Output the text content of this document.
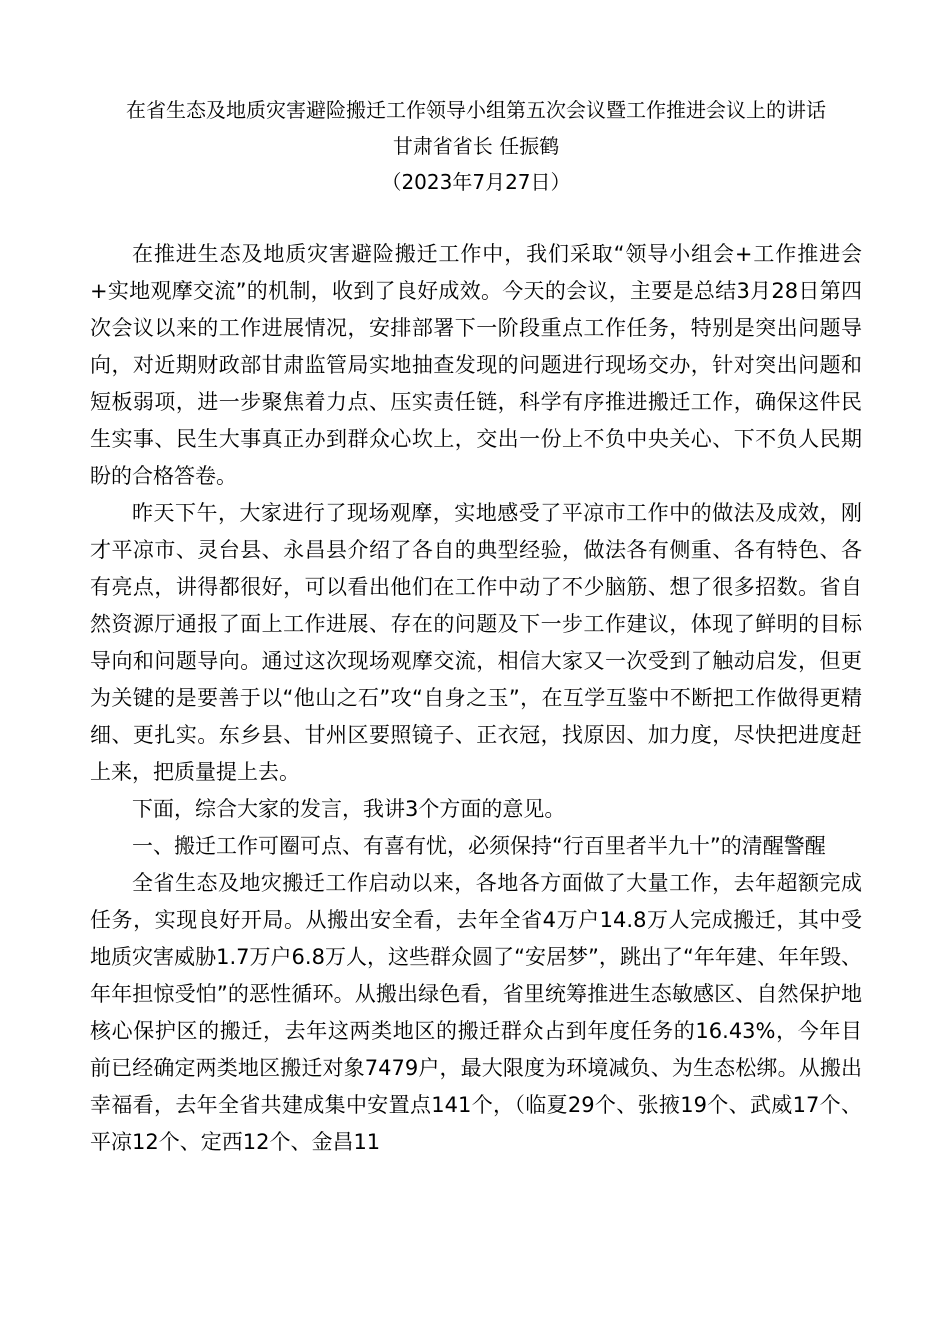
在省生态及地质灾害避险搬迁工作领导小组第五次会议暨工作推进会议上的讲话

甘肃省省长 任振鹤

（2023年7月27日）

在推进生态及地质灾害避险搬迁工作中，我们采取“领导小组会+工作推进会+实地观摩交流”的机制，收到了良好成效。今天的会议，主要是总结3月28日第四次会议以来的工作进展情况，安排部署下一阶段重点工作任务，特别是突出问题导向，对近期财政部甘肃监管局实地抽查发现的问题进行现场交办，针对突出问题和短板弱项，进一步聚焦着力点、压实责任链，科学有序推进搬迁工作，确保这件民生实事、民生大事真正办到群众心坎上，交出一份上不负中央关心、下不负人民期盼的合格答卷。

昨天下午，大家进行了现场观摩，实地感受了平凉市工作中的做法及成效，刚才平凉市、灵台县、永昌县介绍了各自的典型经验，做法各有侧重、各有特色、各有亮点，讲得都很好，可以看出他们在工作中动了不少脑筋、想了很多招数。省自然资源厅通报了面上工作进展、存在的问题及下一步工作建议，体现了鲜明的目标导向和问题导向。通过这次现场观摩交流，相信大家又一次受到了触动启发，但更为关键的是要善于以“他山之石”攻“自身之玉”，在互学互鉴中不断把工作做得更精细、更扎实。东乡县、甘州区要照镜子、正衣冠，找原因、加力度，尽快把进度赶上来，把质量提上去。

下面，综合大家的发言，我讲3个方面的意见。

一、搬迁工作可圈可点、有喜有忧，必须保持“行百里者半九十”的清醒警醒

全省生态及地灾搬迁工作启动以来，各地各方面做了大量工作，去年超额完成任务，实现良好开局。从搬出安全看，去年全省4万户14.8万人完成搬迁，其中受地质灾害威胁1.7万户6.8万人，这些群众圆了“安居梦”，跳出了“年年建、年年毁、年年担惊受怕”的恶性循环。从搬出绿色看，省里统筹推进生态敏感区、自然保护地核心保护区的搬迁，去年这两类地区的搬迁群众占到年度任务的16.43%，今年目前已经确定两类地区搬迁对象7479户，最大限度为环境减负、为生态松绑。从搬出幸福看，去年全省共建成集中安置点141个，（临夏29个、张掖19个、武威17个、平凉12个、定西12个、金昌11
